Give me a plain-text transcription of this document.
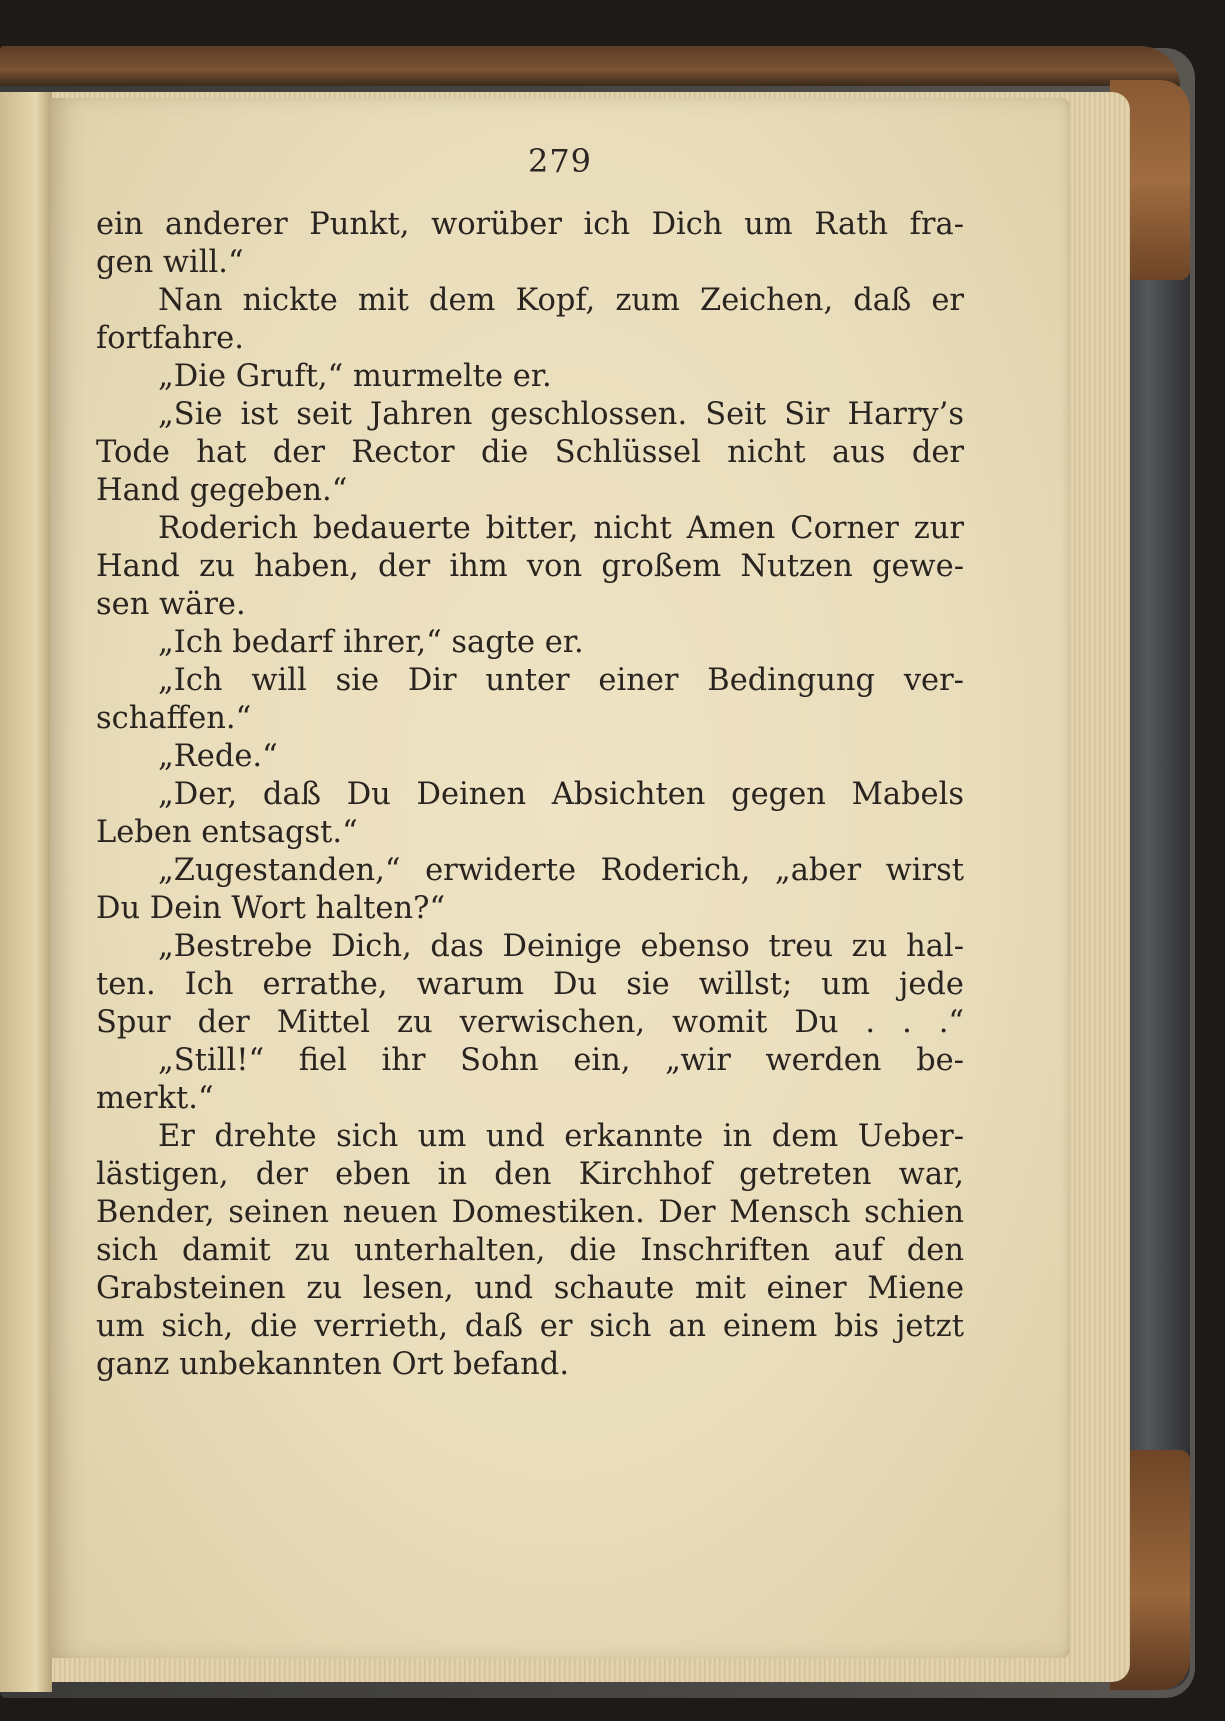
279
ein anderer Punkt, worüber ich Dich um Rath fra-
gen will.“
Nan nickte mit dem Kopf, zum Zeichen, daß er
fortfahre.
„Die Gruft,“ murmelte er.
„Sie ist seit Jahren geschlossen. Seit Sir Harry’s
Tode hat der Rector die Schlüssel nicht aus der
Hand gegeben.“
Roderich bedauerte bitter, nicht Amen Corner zur
Hand zu haben, der ihm von großem Nutzen gewe-
sen wäre.
„Ich bedarf ihrer,“ sagte er.
„Ich will sie Dir unter einer Bedingung ver-
schaffen.“
„Rede.“
„Der, daß Du Deinen Absichten gegen Mabels
Leben entsagst.“
„Zugestanden,“ erwiderte Roderich, „aber wirst
Du Dein Wort halten?“
„Bestrebe Dich, das Deinige ebenso treu zu hal-
ten. Ich errathe, warum Du sie willst; um jede
Spur der Mittel zu verwischen, womit Du . . .“
„Still!“ fiel ihr Sohn ein, „wir werden be-
merkt.“
Er drehte sich um und erkannte in dem Ueber-
lästigen, der eben in den Kirchhof getreten war,
Bender, seinen neuen Domestiken. Der Mensch schien
sich damit zu unterhalten, die Inschriften auf den
Grabsteinen zu lesen, und schaute mit einer Miene
um sich, die verrieth, daß er sich an einem bis jetzt
ganz unbekannten Ort befand.
